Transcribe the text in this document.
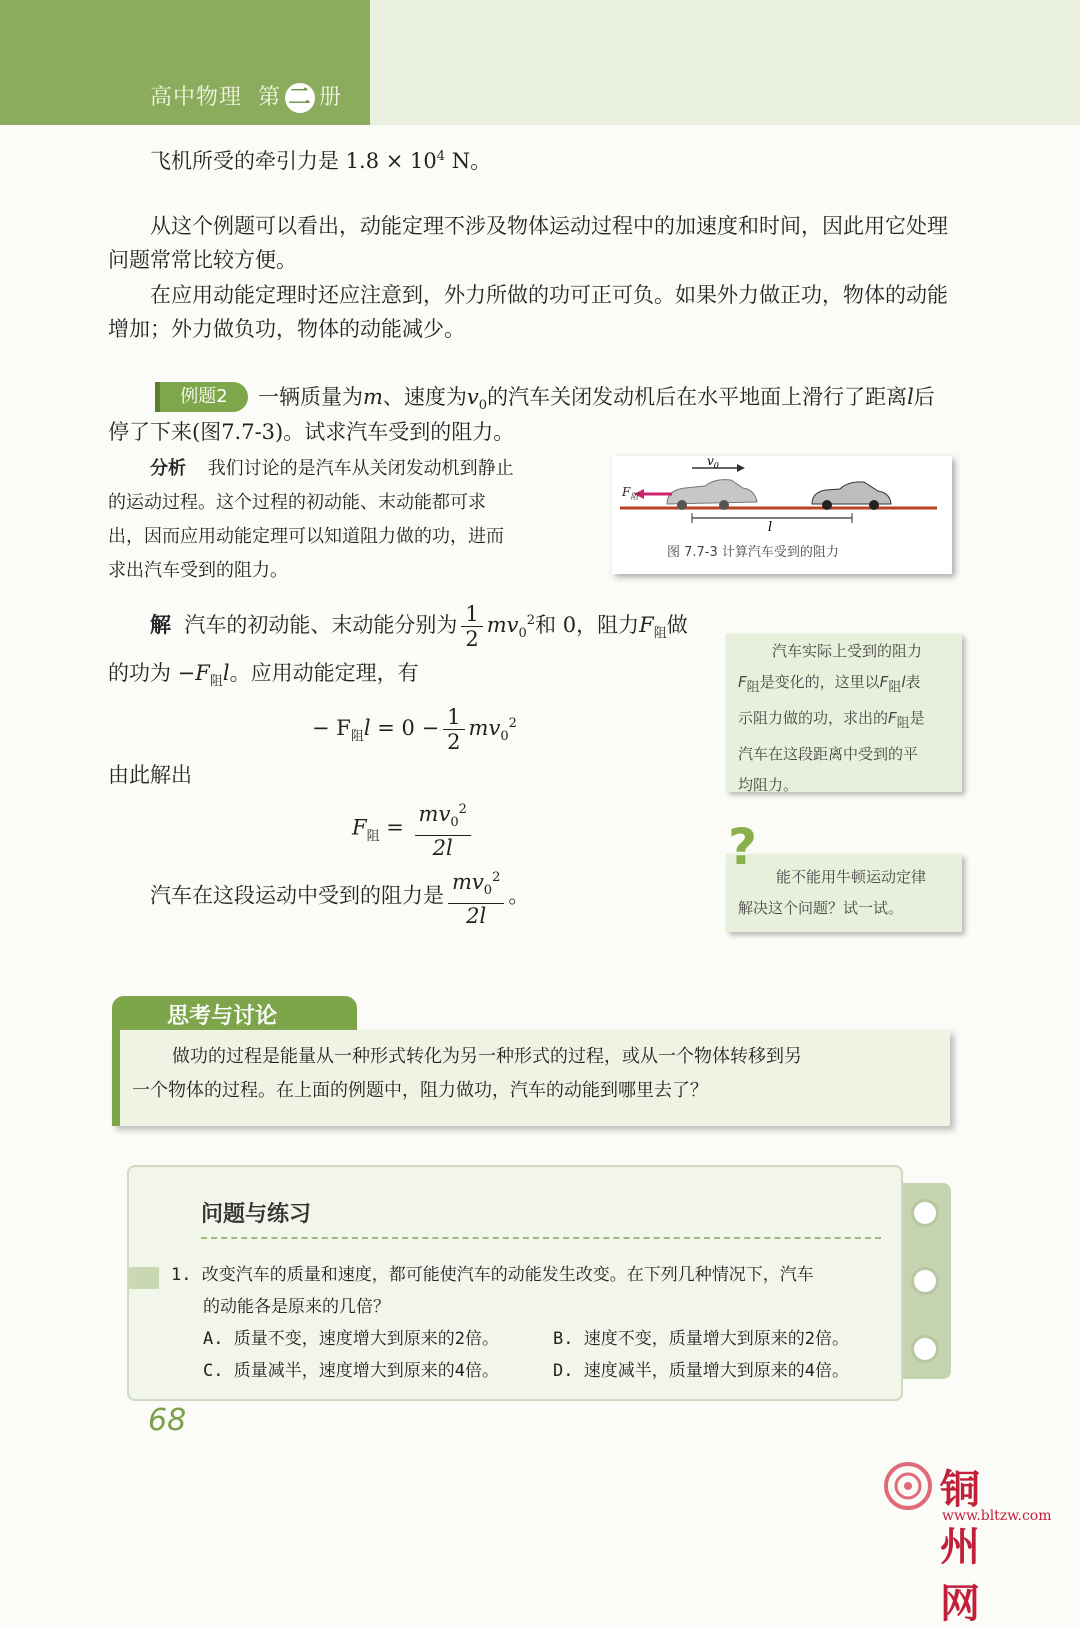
高中物理 第 二 册
飞机所受的牵引力是 $1.8 \times 10^4$ N。
从这个例题可以看出，动能定理不涉及物体运动过程中的加速度和时间，因此用它处理
问题常常比较方便。
在应用动能定理时还应注意到，外力所做的功可正可负。如果外力做正功，物体的动能
增加；外力做负功，物体的动能减少。
例题2	一辆质量为m、速度为$v_0$的汽车关闭发动机后在水平地面上滑行了距离l后
停了下来(图7.7-3)。试求汽车受到的阻力。
分析 我们讨论的是汽车从关闭发动机到静止
的运动过程。这个过程的初动能、末动能都可求
出，因而应用动能定理可以知道阻力做的功，进而
求出汽车受到的阻力。
$F_阻$
$v_0$
l
图 7.7-3 计算汽车受到的阻力
解 汽车的初动能、末动能分别为 $\frac{1}{2} mv_0^2$和 0，阻力$F_阻$做
的功为 $-F_阻l$。应用动能定理，有
− $F_阻l = 0 - \frac{1}{2} mv_0^2$
由此解出
$F_阻 = \frac{mv_0^2}{2l}$
汽车在这段运动中受到的阻力是 $\frac{mv_0^2}{2l}$ 。
汽车实际上受到的阻力
F阻是变化的，这里以F阻l表
示阻力做的功，求出的F阻是
汽车在这段距离中受到的平
均阻力。
?
能不能用牛顿运动定律
解决这个问题？试一试。
思考与讨论
做功的过程是能量从一种形式转化为另一种形式的过程，或从一个物体转移到另
一个物体的过程。在上面的例题中，阻力做功，汽车的动能到哪里去了？
问题与练习
1. 改变汽车的质量和速度，都可能使汽车的动能发生改变。在下列几种情况下，汽车
的动能各是原来的几倍？
A. 质量不变，速度增大到原来的2倍。	B. 速度不变，质量增大到原来的2倍。
C. 质量减半，速度增大到原来的4倍。	D. 速度减半，质量增大到原来的4倍。
68
铜州网
www.bltzw.com
